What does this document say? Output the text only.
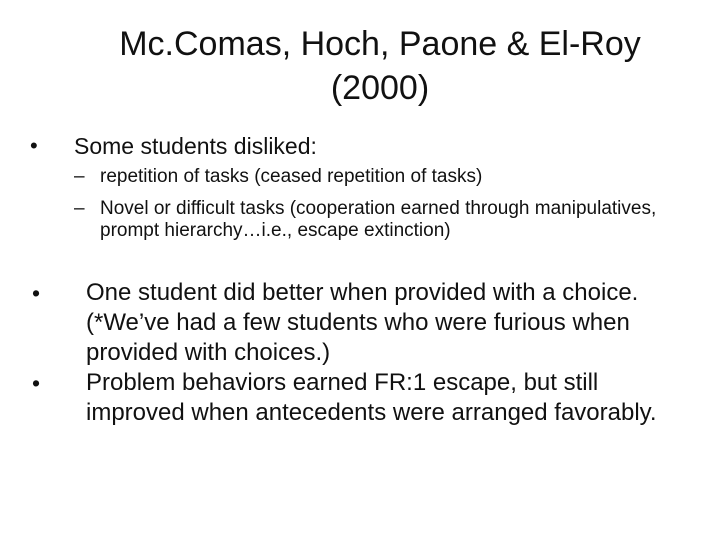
Mc.Comas, Hoch, Paone & El-Roy
(2000)
•	Some students disliked:
– repetition of tasks (ceased repetition of tasks)
– Novel or difficult tasks (cooperation earned through manipulatives, prompt hierarchy…i.e., escape extinction)
•	One student did better when provided with a choice. (*We’ve had a few students who were furious when provided with choices.)
•	Problem behaviors earned FR:1 escape, but still improved when antecedents were arranged favorably.
